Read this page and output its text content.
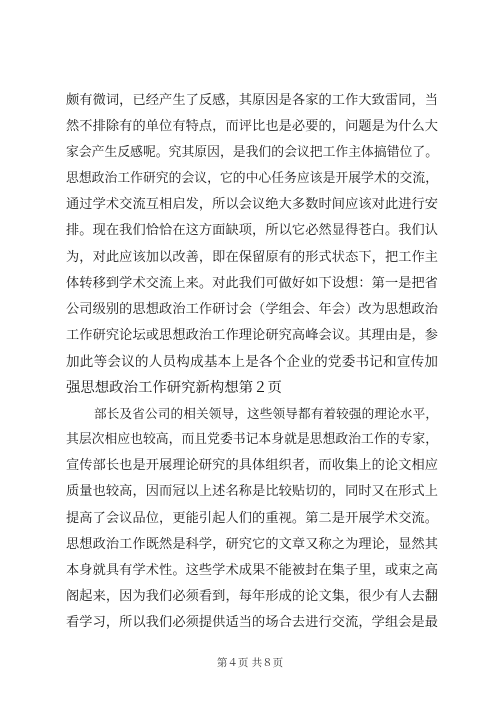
颇有微词，已经产生了反感，其原因是各家的工作大致雷同，当
然不排除有的单位有特点，而评比也是必要的，问题是为什么大
家会产生反感呢。究其原因，是我们的会议把工作主体搞错位了。
思想政治工作研究的会议，它的中心任务应该是开展学术的交流，
通过学术交流互相启发，所以会议绝大多数时间应该对此进行安
排。现在我们恰恰在这方面缺项，所以它必然显得苍白。我们认
为，对此应该加以改善，即在保留原有的形式状态下，把工作主
体转移到学术交流上来。对此我们可做好如下设想：第一是把省
公司级别的思想政治工作研讨会（学组会、年会）改为思想政治
工作研究论坛或思想政治工作理论研究高峰会议。其理由是，参
加此等会议的人员构成基本上是各个企业的党委书记和宣传加
强思想政治工作研究新构想第２页
部长及省公司的相关领导，这些领导都有着较强的理论水平，
其层次相应也较高，而且党委书记本身就是思想政治工作的专家，
宣传部长也是开展理论研究的具体组织者，而收集上的论文相应
质量也较高，因而冠以上述名称是比较贴切的，同时又在形式上
提高了会议品位，更能引起人们的重视。第二是开展学术交流。
思想政治工作既然是科学，研究它的文章又称之为理论，显然其
本身就具有学术性。这些学术成果不能被封在集子里，或束之高
阁起来，因为我们必须看到，每年形成的论文集，很少有人去翻
看学习，所以我们必须提供适当的场合去进行交流，学组会是最
第４页 共８页
